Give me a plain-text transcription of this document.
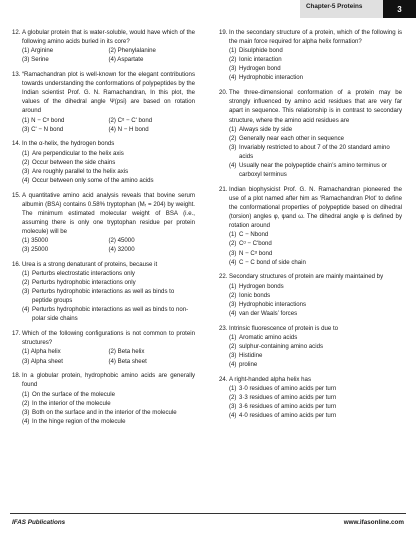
Chapter-5 Proteins	3
12. A globular protein that is water-soluble, would have which of the following amino acids buried in its core?
(1) Arginine	(2) Phenylalanine
(3) Serine	(4) Aspartate
13. “Ramachandran plot is well-known for the elegant contributions towards understanding the conformations of polypeptides by the Indian scientist Prof. G. N. Ramachandran, In this plot, the values of the dihedral angle Ψ(psi) are based on rotation around
(1) N − Cᵅ bond	(2) Cᵅ − Cʹ bond
(3) Cʹ − N bond	(4) N − H bond
14. In the α-helix, the hydrogen bonds
(1) Are perpendicular to the helix axis
(2) Occur between the side chains
(3) Are roughly parallel to the helix axis
(4) Occur between only some of the amino acids
15. A quantitative amino acid analysis reveals that bovine serum albumin (BSA) contains 0.58% tryptophan (Mᵣ = 204) by weight. The minimum estimated molecular weight of BSA (i.e., assuming there is only one tryptophan residue per protein molecule) will be
(1) 35000	(2) 45000
(3) 25000	(4) 32000
16. Urea is a strong denaturant of proteins, because it
(1) Perturbs electrostatic interactions only
(2) Perturbs hydrophobic interactions only
(3) Perturbs hydrophobic interactions as well as binds to peptide groups
(4) Perturbs hydrophobic interactions as well as binds to non-polar side chains
17. Which of the following configurations is not common to protein structures?
(1) Alpha helix	(2) Beta helix
(3) Alpha sheet	(4) Beta sheet
18. In a globular protein, hydrophobic amino acids are generally found
(1) On the surface of the molecule
(2) In the interior of the molecule
(3) Both on the surface and in the interior of the molecule
(4) In the hinge region of the molecule
19. In the secondary structure of a protein, which of the following is the main force required for alpha helix formation?
(1) Disulphide bond
(2) Ionic interaction
(3) Hydrogen bond
(4) Hydrophobic interaction
20. The three-dimensional conformation of a protein may be strongly influenced by amino acid residues that are very far apart in sequence. This relationship is in contrast to secondary structure, where the amino acid residues are
(1) Always side by side
(2) Generally near each other in sequence
(3) Invariably restricted to about 7 of the 20 standard amino acids
(4) Usually near the polypeptide chain’s amino terminus or carboxyl terminus
21. Indian biophysicist Prof. G. N. Ramachandran pioneered the use of a plot named after him as ‘Ramachandran Plot’ to define the conformational properties of polypeptide based on dihedral (torsion) angles φ, ψand ω. The dihedral angle φ is defined by rotation around
(1) C − Nbond
(2) Cᵅ − Cʹbond
(3) N − Cᵅ bond
(4) C − C bond of side chain
22. Secondary structures of protein are mainly maintained by
(1) Hydrogen bonds
(2) Ionic bonds
(3) Hydrophobic interactions
(4) van der Waals’ forces
23. Intrinsic fluorescence of protein is due to
(1) Aromatic amino acids
(2) sulphur-containing amino acids
(3) Histidine
(4) proline
24. A right-handed alpha helix has
(1) 3·0 residues of amino acids per turn
(2) 3·3 residues of amino acids per turn
(3) 3·6 residues of amino acids per turn
(4) 4·0 residues of amino acids per turn
IFAS Publications	www.ifasonline.com
